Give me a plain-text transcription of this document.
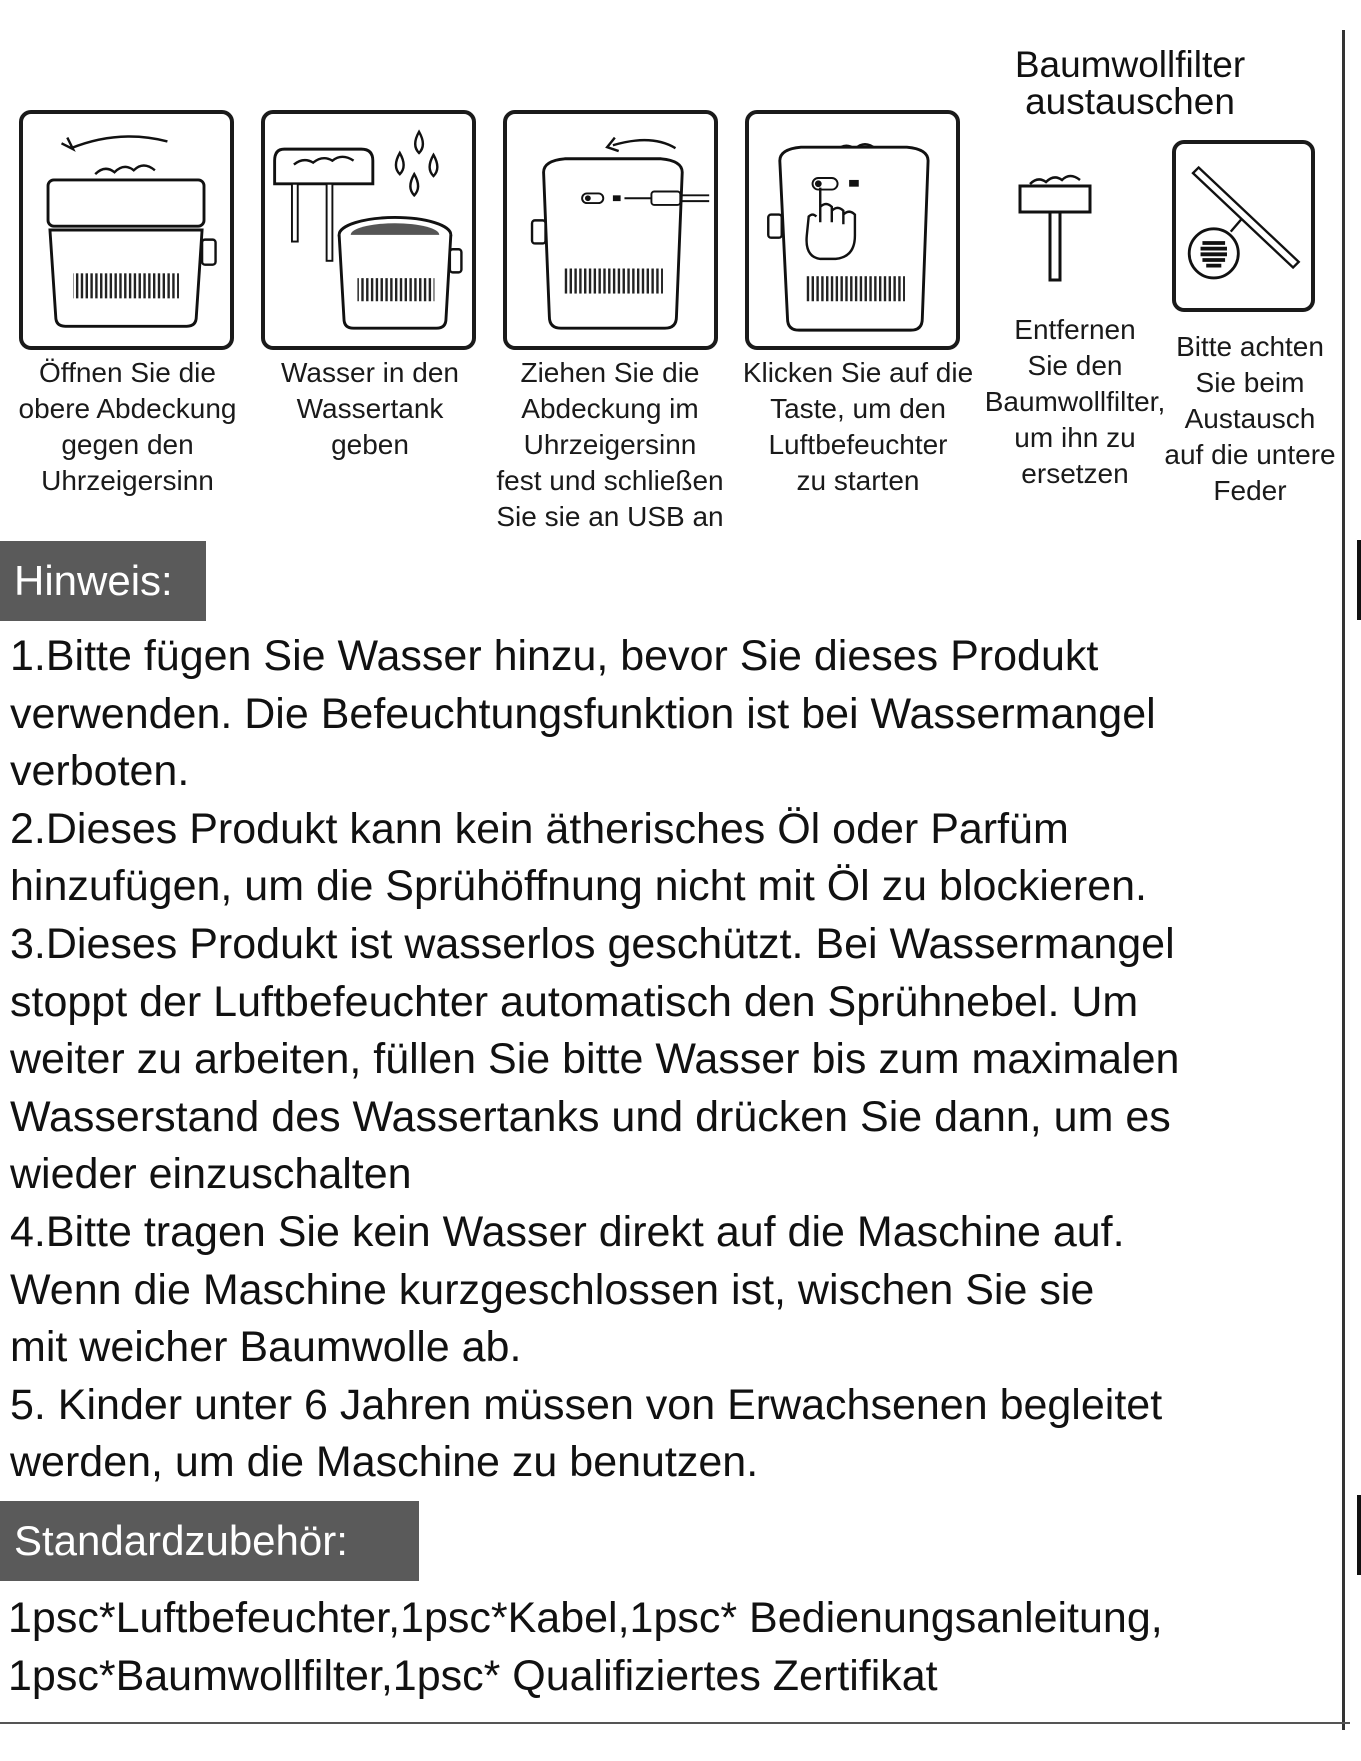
Baumwollfilter
austauschen
Öffnen Sie die
obere Abdeckung
gegen den
Uhrzeigersinn
Wasser in den
Wassertank
geben
Ziehen Sie die
Abdeckung im
Uhrzeigersinn
fest und schließen
Sie sie an USB an
Klicken Sie auf die
Taste, um den
Luftbefeuchter
zu starten
Entfernen
Sie den
Baumwollfilter,
um ihn zu
ersetzen
Bitte achten
Sie beim
Austausch
auf die untere
Feder
Hinweis:
1.Bitte fügen Sie Wasser hinzu, bevor Sie dieses Produkt
verwenden. Die Befeuchtungsfunktion ist bei Wassermangel
verboten.
2.Dieses Produkt kann kein ätherisches Öl oder Parfüm
hinzufügen, um die Sprühöffnung nicht mit Öl zu blockieren.
3.Dieses Produkt ist wasserlos geschützt. Bei Wassermangel
stoppt der Luftbefeuchter automatisch den Sprühnebel. Um
weiter zu arbeiten, füllen Sie bitte Wasser bis zum maximalen
Wasserstand des Wassertanks und drücken Sie dann, um es
wieder einzuschalten
4.Bitte tragen Sie kein Wasser direkt auf die Maschine auf.
Wenn die Maschine kurzgeschlossen ist, wischen Sie sie
mit weicher Baumwolle ab.
5. Kinder unter 6 Jahren müssen von Erwachsenen begleitet
werden, um die Maschine zu benutzen.
Standardzubehör:
1psc*Luftbefeuchter,1psc*Kabel,1psc* Bedienungsanleitung,
1psc*Baumwollfilter,1psc* Qualifiziertes Zertifikat
